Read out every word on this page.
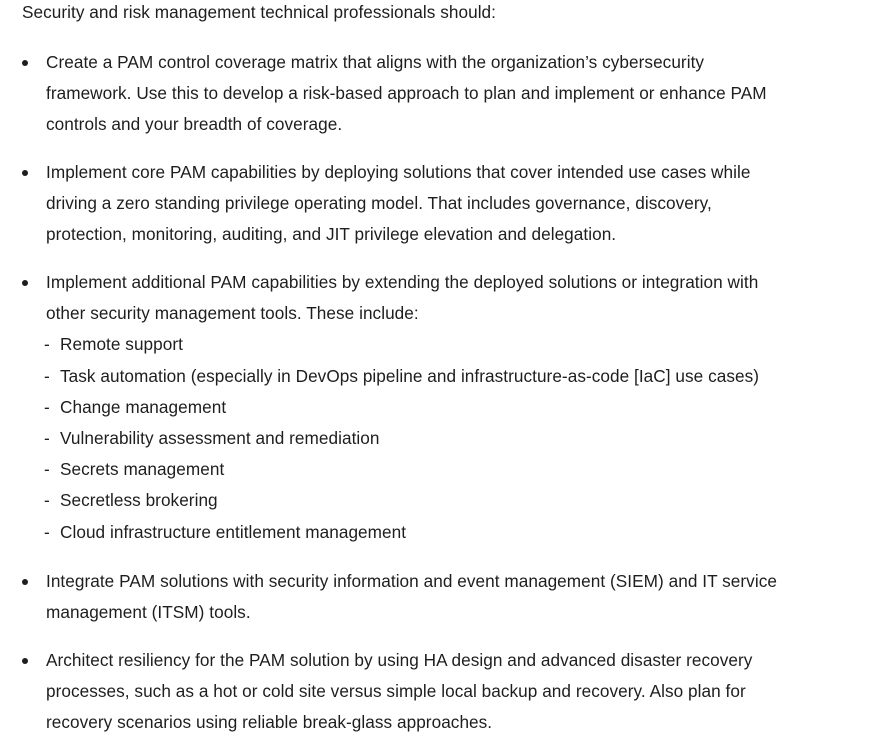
Security and risk management technical professionals should:

Create a PAM control coverage matrix that aligns with the organization’s cybersecurity
framework. Use this to develop a risk-based approach to plan and implement or enhance PAM
controls and your breadth of coverage.
Implement core PAM capabilities by deploying solutions that cover intended use cases while
driving a zero standing privilege operating model. That includes governance, discovery,
protection, monitoring, auditing, and JIT privilege elevation and delegation.
Implement additional PAM capabilities by extending the deployed solutions or integration with
other security management tools. These include:
- Remote support
- Task automation (especially in DevOps pipeline and infrastructure-as-code [IaC] use cases)
- Change management
- Vulnerability assessment and remediation
- Secrets management
- Secretless brokering
- Cloud infrastructure entitlement management
Integrate PAM solutions with security information and event management (SIEM) and IT service
management (ITSM) tools.
Architect resiliency for the PAM solution by using HA design and advanced disaster recovery
processes, such as a hot or cold site versus simple local backup and recovery. Also plan for
recovery scenarios using reliable break-glass approaches.
